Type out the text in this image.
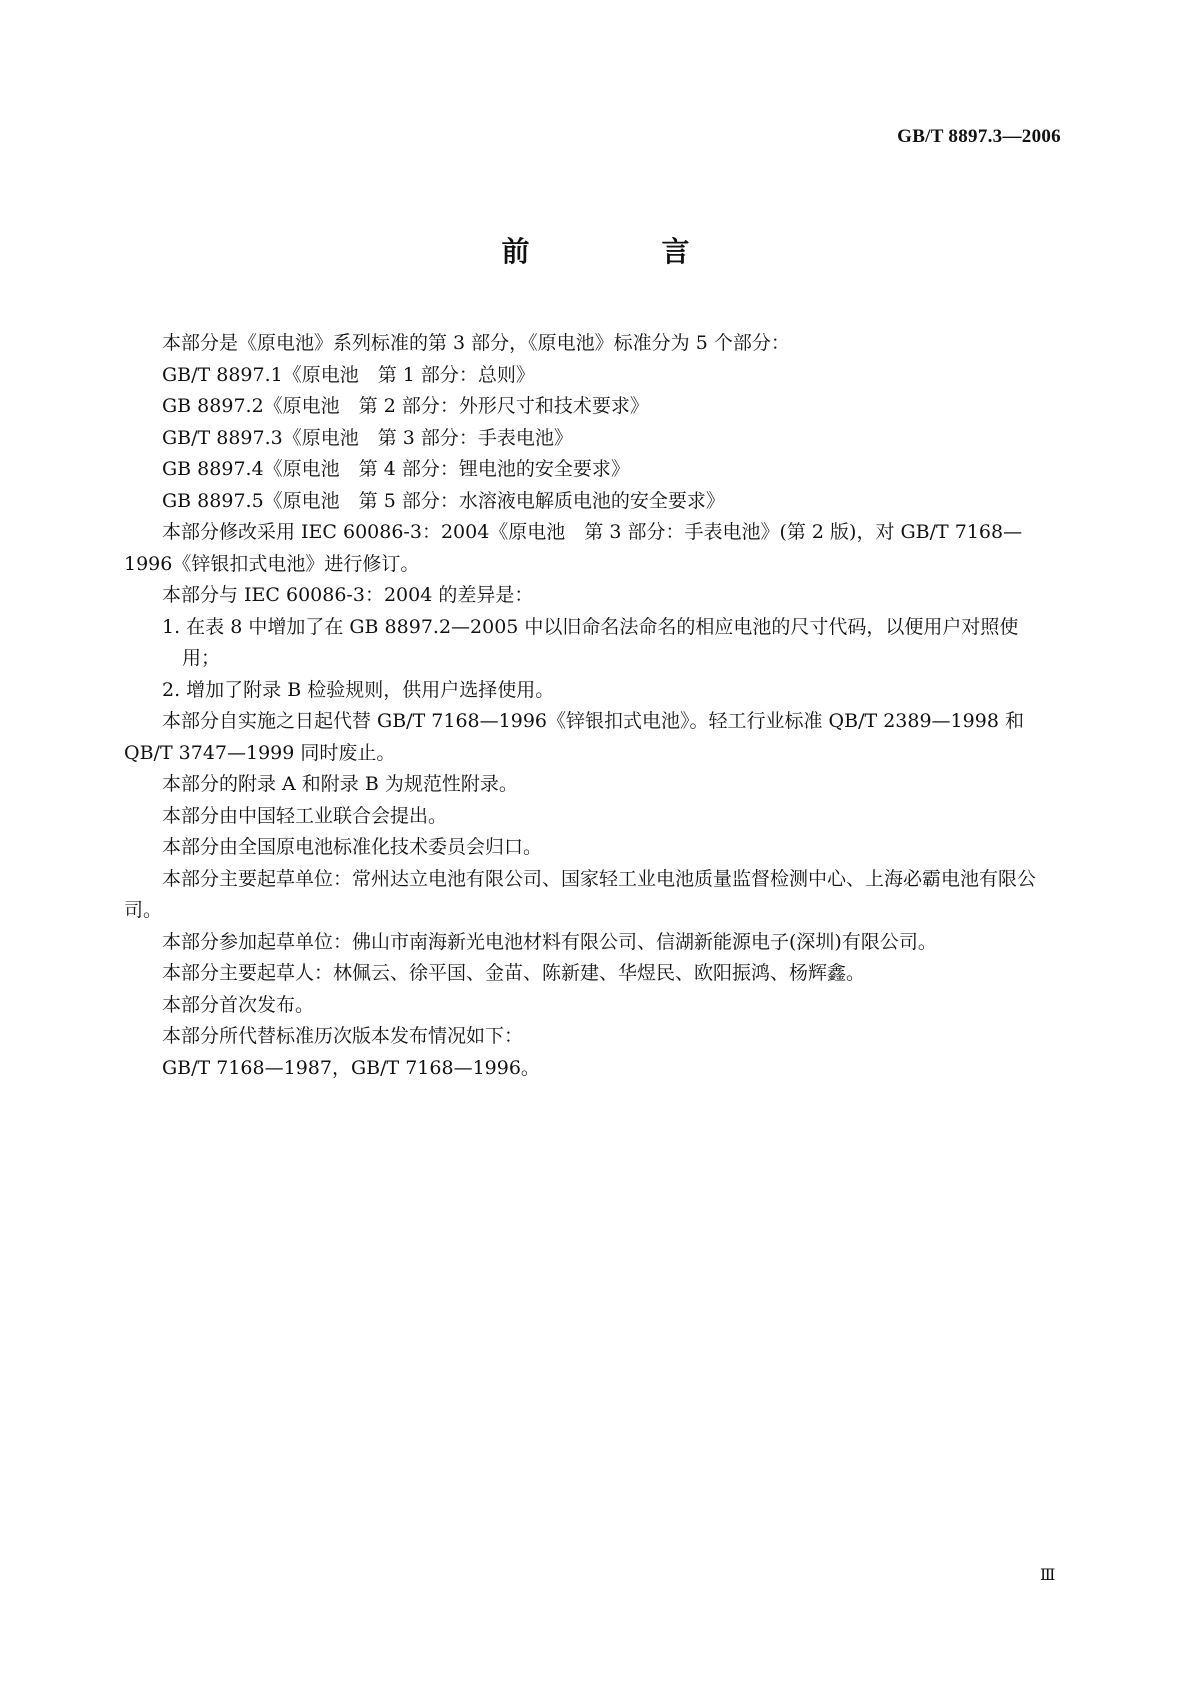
GB/T 8897.3—2006
前　言
本部分是《原电池》系列标准的第 3 部分，《原电池》标准分为 5 个部分：
GB/T 8897.1《原电池　第 1 部分：总则》
GB 8897.2《原电池　第 2 部分：外形尺寸和技术要求》
GB/T 8897.3《原电池　第 3 部分：手表电池》
GB 8897.4《原电池　第 4 部分：锂电池的安全要求》
GB 8897.5《原电池　第 5 部分：水溶液电解质电池的安全要求》
本部分修改采用 IEC 60086-3：2004《原电池　第 3 部分：手表电池》(第 2 版)，对 GB/T 7168—1996《锌银扣式电池》进行修订。
本部分与 IEC 60086-3：2004 的差异是：
1. 在表 8 中增加了在 GB 8897.2—2005 中以旧命名法命名的相应电池的尺寸代码，以便用户对照使用；
2. 增加了附录 B 检验规则，供用户选择使用。
本部分自实施之日起代替 GB/T 7168—1996《锌银扣式电池》。轻工行业标准 QB/T 2389—1998 和 QB/T 3747—1999 同时废止。
本部分的附录 A 和附录 B 为规范性附录。
本部分由中国轻工业联合会提出。
本部分由全国原电池标准化技术委员会归口。
本部分主要起草单位：常州达立电池有限公司、国家轻工业电池质量监督检测中心、上海必霸电池有限公司。
本部分参加起草单位：佛山市南海新光电池材料有限公司、信湖新能源电子(深圳)有限公司。
本部分主要起草人：林佩云、徐平国、金苗、陈新建、华煜民、欧阳振鸿、杨辉鑫。
本部分首次发布。
本部分所代替标准历次版本发布情况如下：
GB/T 7168—1987，GB/T 7168—1996。
Ⅲ
